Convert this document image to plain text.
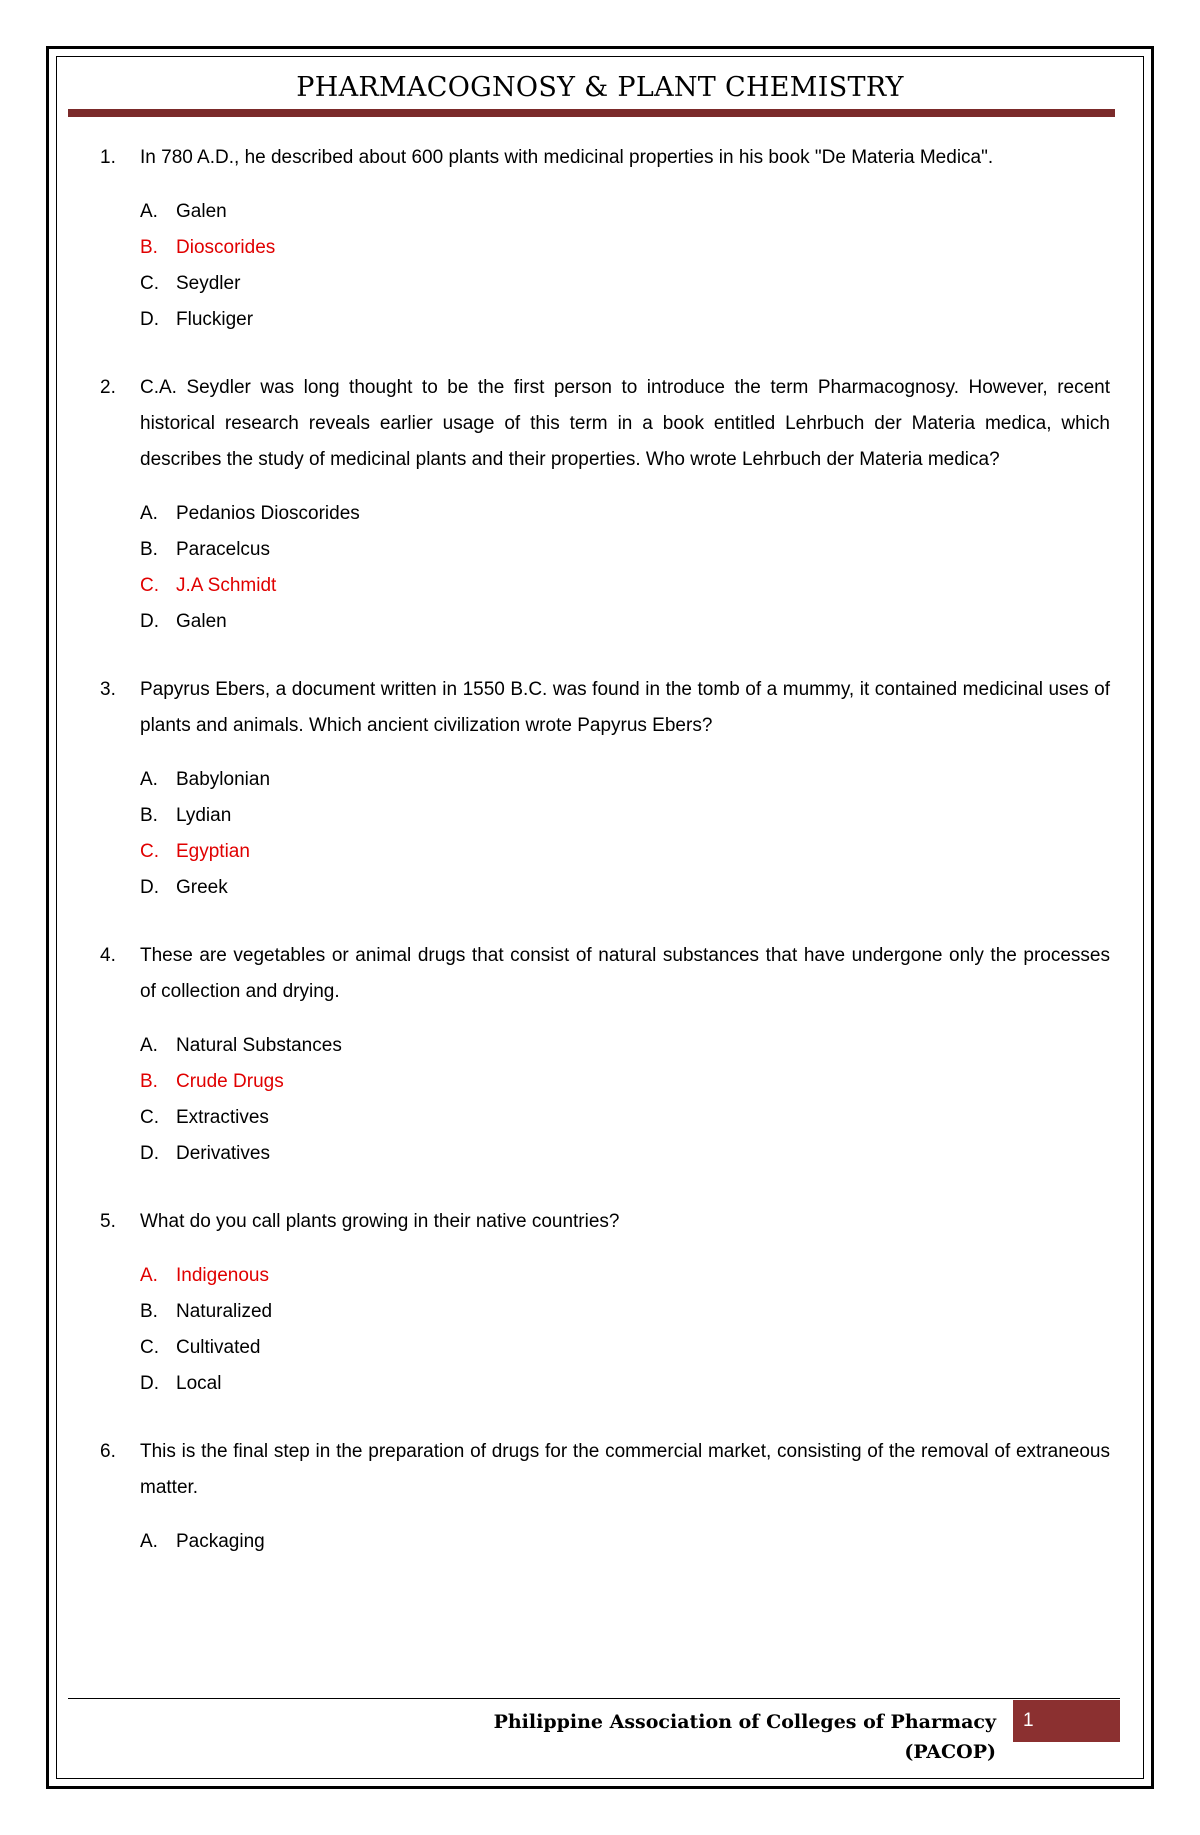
PHARMACOGNOSY & PLANT CHEMISTRY
1.	In 780 A.D., he described about 600 plants with medicinal properties in his book "De Materia Medica".
A. Galen
B. Dioscorides
C. Seydler
D. Fluckiger
2.	C.A. Seydler was long thought to be the first person to introduce the term Pharmacognosy. However, recent historical research reveals earlier usage of this term in a book entitled Lehrbuch der Materia medica, which describes the study of medicinal plants and their properties. Who wrote Lehrbuch der Materia medica?
A. Pedanios Dioscorides
B. Paracelcus
C. J.A Schmidt
D. Galen
3.	Papyrus Ebers, a document written in 1550 B.C. was found in the tomb of a mummy, it contained medicinal uses of plants and animals. Which ancient civilization wrote Papyrus Ebers?
A. Babylonian
B. Lydian
C. Egyptian
D. Greek
4.	These are vegetables or animal drugs that consist of natural substances that have undergone only the processes of collection and drying.
A. Natural Substances
B. Crude Drugs
C. Extractives
D. Derivatives
5.	What do you call plants growing in their native countries?
A. Indigenous
B. Naturalized
C. Cultivated
D. Local
6.	This is the final step in the preparation of drugs for the commercial market, consisting of the removal of extraneous matter.
A. Packaging
Philippine Association of Colleges of Pharmacy (PACOP)
1
